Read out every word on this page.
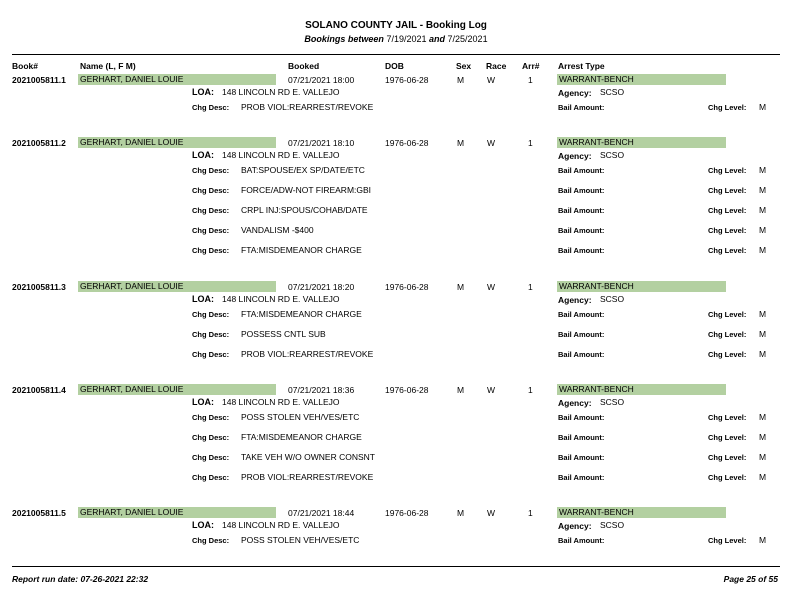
SOLANO COUNTY JAIL - Booking Log
Bookings between 7/19/2021 and 7/25/2021
Book#	Name (L, F M)	Booked	DOB	Sex Race Arr# Arrest Type
2021005811.1 GERHART, DANIEL LOUIE	07/21/2021 18:00	1976-06-28	M	W	1	WARRANT-BENCH
LOA: 148 LINCOLN RD E. VALLEJO	Agency: SCSO
Chg Desc: PROB VIOL:REARREST/REVOKE	Bail Amount:	Chg Level: M
2021005811.2 GERHART, DANIEL LOUIE	07/21/2021 18:10	1976-06-28	M	W	1	WARRANT-BENCH
LOA: 148 LINCOLN RD E. VALLEJO	Agency: SCSO
Chg Desc: BAT:SPOUSE/EX SP/DATE/ETC	Bail Amount:	Chg Level: M
Chg Desc: FORCE/ADW-NOT FIREARM:GBI	Bail Amount:	Chg Level: M
Chg Desc: CRPL INJ:SPOUS/COHAB/DATE	Bail Amount:	Chg Level: M
Chg Desc: VANDALISM -$400	Bail Amount:	Chg Level: M
Chg Desc: FTA:MISDEMEANOR CHARGE	Bail Amount:	Chg Level: M
2021005811.3 GERHART, DANIEL LOUIE	07/21/2021 18:20	1976-06-28	M	W	1	WARRANT-BENCH
LOA: 148 LINCOLN RD E. VALLEJO	Agency: SCSO
Chg Desc: FTA:MISDEMEANOR CHARGE	Bail Amount:	Chg Level: M
Chg Desc: POSSESS CNTL SUB	Bail Amount:	Chg Level: M
Chg Desc: PROB VIOL:REARREST/REVOKE	Bail Amount:	Chg Level: M
2021005811.4 GERHART, DANIEL LOUIE	07/21/2021 18:36	1976-06-28	M	W	1	WARRANT-BENCH
LOA: 148 LINCOLN RD E. VALLEJO	Agency: SCSO
Chg Desc: POSS STOLEN VEH/VES/ETC	Bail Amount:	Chg Level: M
Chg Desc: FTA:MISDEMEANOR CHARGE	Bail Amount:	Chg Level: M
Chg Desc: TAKE VEH W/O OWNER CONSNT	Bail Amount:	Chg Level: M
Chg Desc: PROB VIOL:REARREST/REVOKE	Bail Amount:	Chg Level: M
2021005811.5 GERHART, DANIEL LOUIE	07/21/2021 18:44	1976-06-28	M	W	1	WARRANT-BENCH
LOA: 148 LINCOLN RD E. VALLEJO	Agency: SCSO
Chg Desc: POSS STOLEN VEH/VES/ETC	Bail Amount:	Chg Level: M
Report run date: 07-26-2021 22:32	Page 25 of 55
